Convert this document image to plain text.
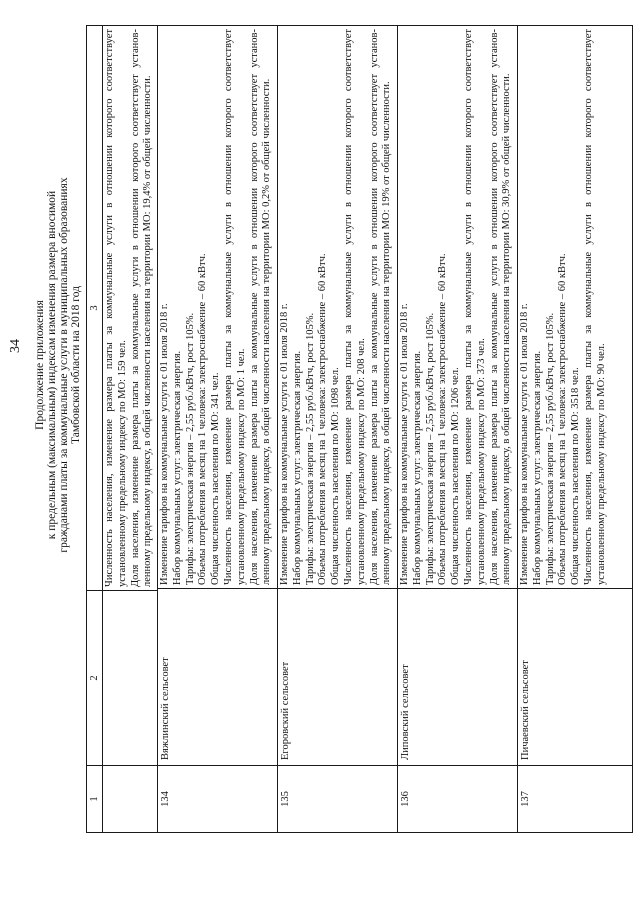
34 Продолжение приложения к предельным (максимальным) индексам изменения размера вносимой гражданами платы за коммунальные услуги в муниципальных образованиях Тамбовской области на 2018 год
1
2
3 Численность населения, изменение размера платы за коммунальные услуги в отношении которого соответствует установленному предельному индексу по МО: 159 чел. Доля населения, изменение размера платы за коммунальные услуги в отношении которого соответствует установ- ленному предельному индексу, в общей численности населения на территории МО: 19,4% от общей численности.
134
Вяжлинский сельсовет
Изменение тарифов на коммунальные услуги с 01 июля 2018 г. Набор коммунальных услуг: электрическая энергия. Тарифы: электрическая энергия – 2,55 руб./кВтч, рост 105%. Объемы потребления в месяц на 1 человека: электроснабжение – 60 кВтч. Общая численность населения по МО: 341 чел. Численность населения, изменение размера платы за коммунальные услуги в отношении которого соответствует установленному предельному индексу по МО: 1 чел. Доля населения, изменение размера платы за коммунальные услуги в отношении которого соответствует установ- ленному предельному индексу, в общей численности населения на территории МО: 0,2% от общей численности.
135
Егоровский сельсовет
Изменение тарифов на коммунальные услуги с 01 июля 2018 г. Набор коммунальных услуг: электрическая энергия. Тарифы: электрическая энергия – 2,55 руб./кВтч, рост 105%. Объемы потребления в месяц на 1 человека: электроснабжение – 60 кВтч. Общая численность населения по МО: 1098 чел. Численность населения, изменение размера платы за коммунальные услуги в отношении которого соответствует установленному предельному индексу по МО: 208 чел. Доля населения, изменение размера платы за коммунальные услуги в отношении которого соответствует установ- ленному предельному индексу, в общей численности населения на территории МО: 19% от общей численности.
136
Липовский сельсовет
Изменение тарифов на коммунальные услуги с 01 июля 2018 г. Набор коммунальных услуг: электрическая энергия. Тарифы: электрическая энергия – 2,55 руб./кВтч, рост 105%. Объемы потребления в месяц на 1 человека: электроснабжение – 60 кВтч. Общая численность населения по МО: 1206 чел. Численность населения, изменение размера платы за коммунальные услуги в отношении которого соответствует установленному предельному индексу по МО: 373 чел. Доля населения, изменение размера платы за коммунальные услуги в отношении которого соответствует установ- ленному предельному индексу, в общей численности населения на территории МО: 30,9% от общей численности.
137
Пичаевский сельсовет
Изменение тарифов на коммунальные услуги с 01 июля 2018 г. Набор коммунальных услуг: электрическая энергия. Тарифы: электрическая энергия – 2,55 руб./кВтч, рост 105%. Объемы потребления в месяц на 1 человека: электроснабжение – 60 кВтч. Общая численность населения по МО: 3518 чел. Численность населения, изменение размера платы за коммунальные услуги в отношении которого соответствует установленному предельному индексу по МО: 90 чел.
